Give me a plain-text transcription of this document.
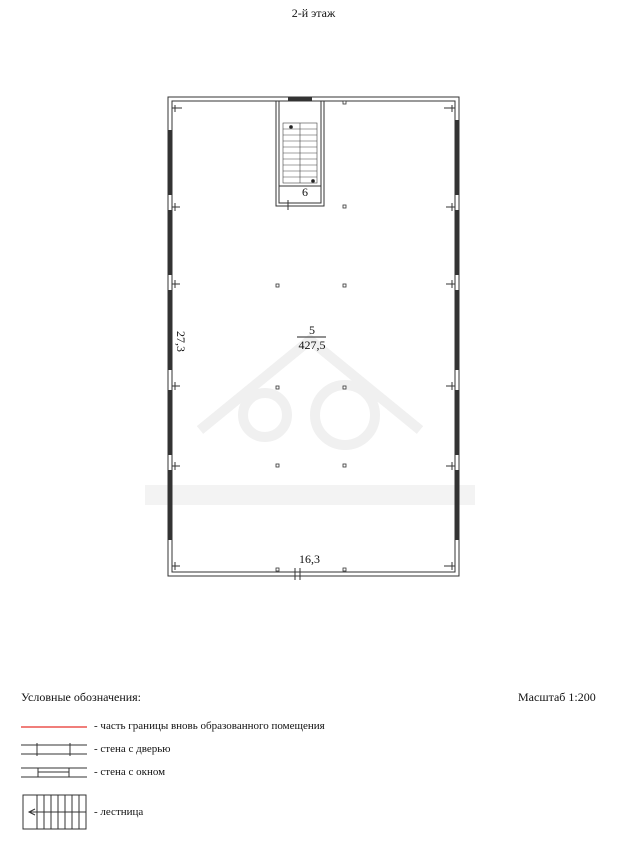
2-й этаж
6
5
427,5
16,3
27,3
Условные обозначения:	Масштаб 1:200
- часть границы вновь образованного помещения
- стена с дверью
- стена с окном
- лестница
